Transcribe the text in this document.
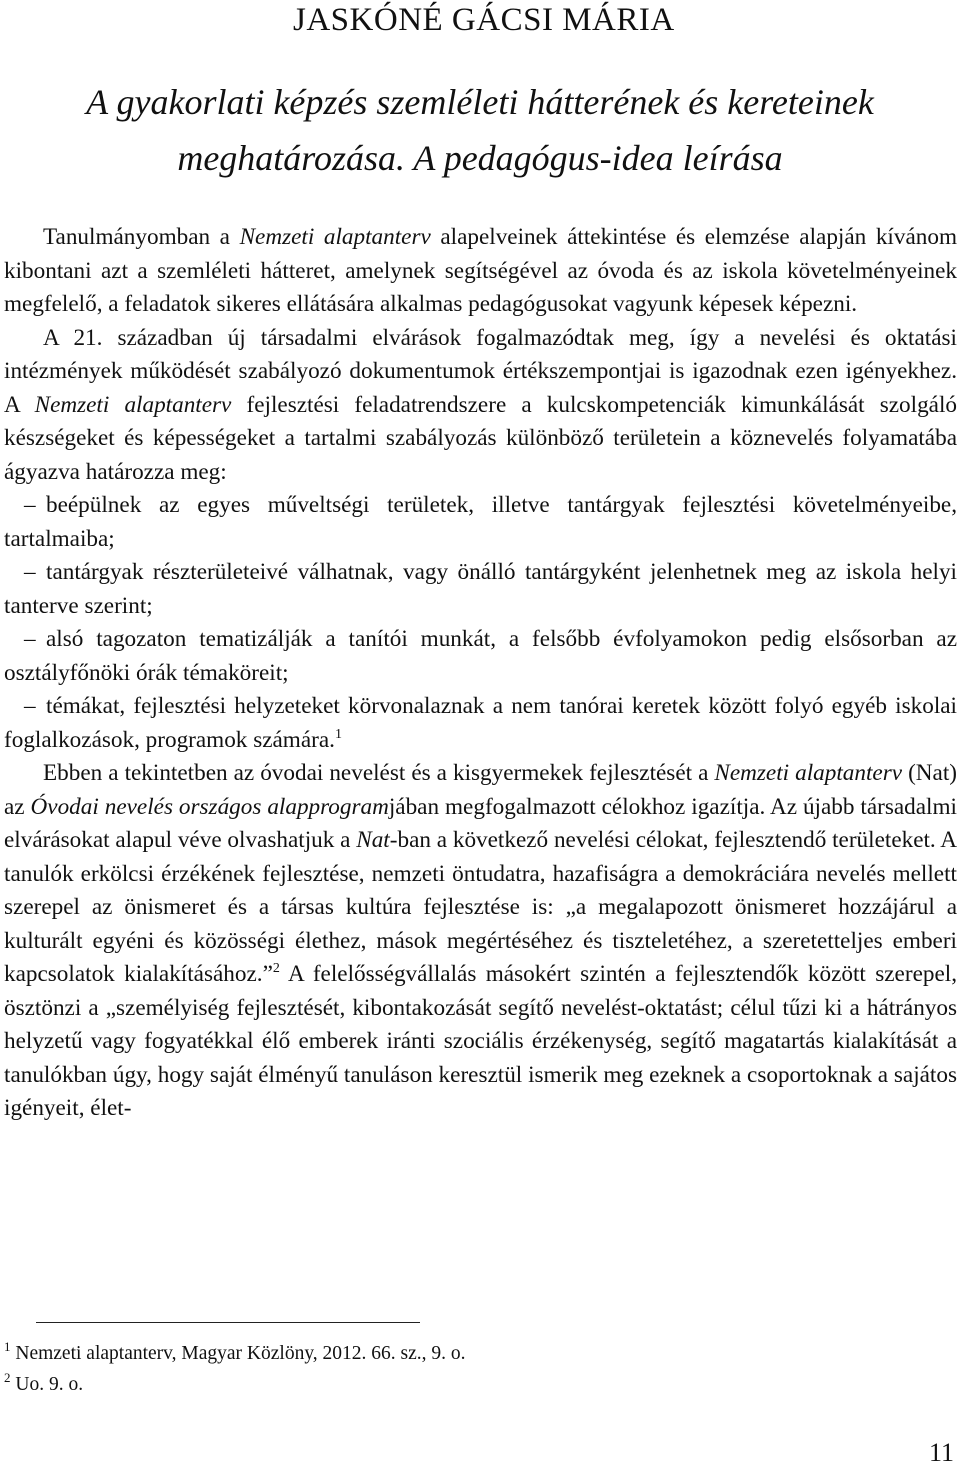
JASKÓNÉ GÁCSI MÁRIA
A gyakorlati képzés szemléleti hátterének és kereteinek
meghatározása. A pedagógus-idea leírása

Tanulmányomban a Nemzeti alaptanterv alapelveinek áttekintése és elemzése alapján kívánom kibontani azt a szemléleti hátteret, amelynek segítségével az óvoda és az iskola követelményeinek megfelelő, a feladatok sikeres ellátására alkalmas pedagógusokat vagyunk képesek képezni.

A 21. században új társadalmi elvárások fogalmazódtak meg, így a nevelési és oktatási intézmények működését szabályozó dokumentumok értékszempontjai is igazodnak ezen igényekhez. A Nemzeti alaptanterv fejlesztési feladatrendszere a kulcskompetenciák kimunkálását szolgáló készségeket és képességeket a tartalmi szabályozás különböző területein a köznevelés folyamatába ágyazva határozza meg:

– beépülnek az egyes műveltségi területek, illetve tantárgyak fejlesztési követelményeibe, tartalmaiba;

– tantárgyak részterületeivé válhatnak, vagy önálló tantárgyként jelenhetnek meg az iskola helyi tanterve szerint;

– alsó tagozaton tematizálják a tanítói munkát, a felsőbb évfolyamokon pedig elsősorban az osztályfőnöki órák témaköreit;

– témákat, fejlesztési helyzeteket körvonalaznak a nem tanórai keretek között folyó egyéb iskolai foglalkozások, programok számára.$^1$

Ebben a tekintetben az óvodai nevelést és a kisgyermekek fejlesztését a Nemzeti alaptanterv (Nat) az Óvodai nevelés országos alapprogramjában megfogalmazott célokhoz igazítja. Az újabb társadalmi elvárásokat alapul véve olvashatjuk a Nat-ban a következő nevelési célokat, fejlesztendő területeket. A tanulók erkölcsi érzékének fejlesztése, nemzeti öntudatra, hazafiságra a demokráciára nevelés mellett szerepel az önismeret és a társas kultúra fejlesztése is: „a megalapozott önismeret hozzájárul a kulturált egyéni és közösségi élethez, mások megértéséhez és tiszteletéhez, a szeretetteljes emberi kapcsolatok kialakításához.”$^2$ A felelősségvállalás másokért szintén a fejlesztendők között szerepel, ösztönzi a „személyiség fejlesztését, kibontakozását segítő nevelést-oktatást; célul tűzi ki a hátrányos helyzetű vagy fogyatékkal élő emberek iránti szociális érzékenység, segítő magatartás kialakítását a tanulókban úgy, hogy saját élményű tanuláson keresztül ismerik meg ezeknek a csoportoknak a sajátos igényeit, élet-

$^1$ Nemzeti alaptanterv, Magyar Közlöny, 2012. 66. sz., 9. o.

$^2$ Uo. 9. o.

11
